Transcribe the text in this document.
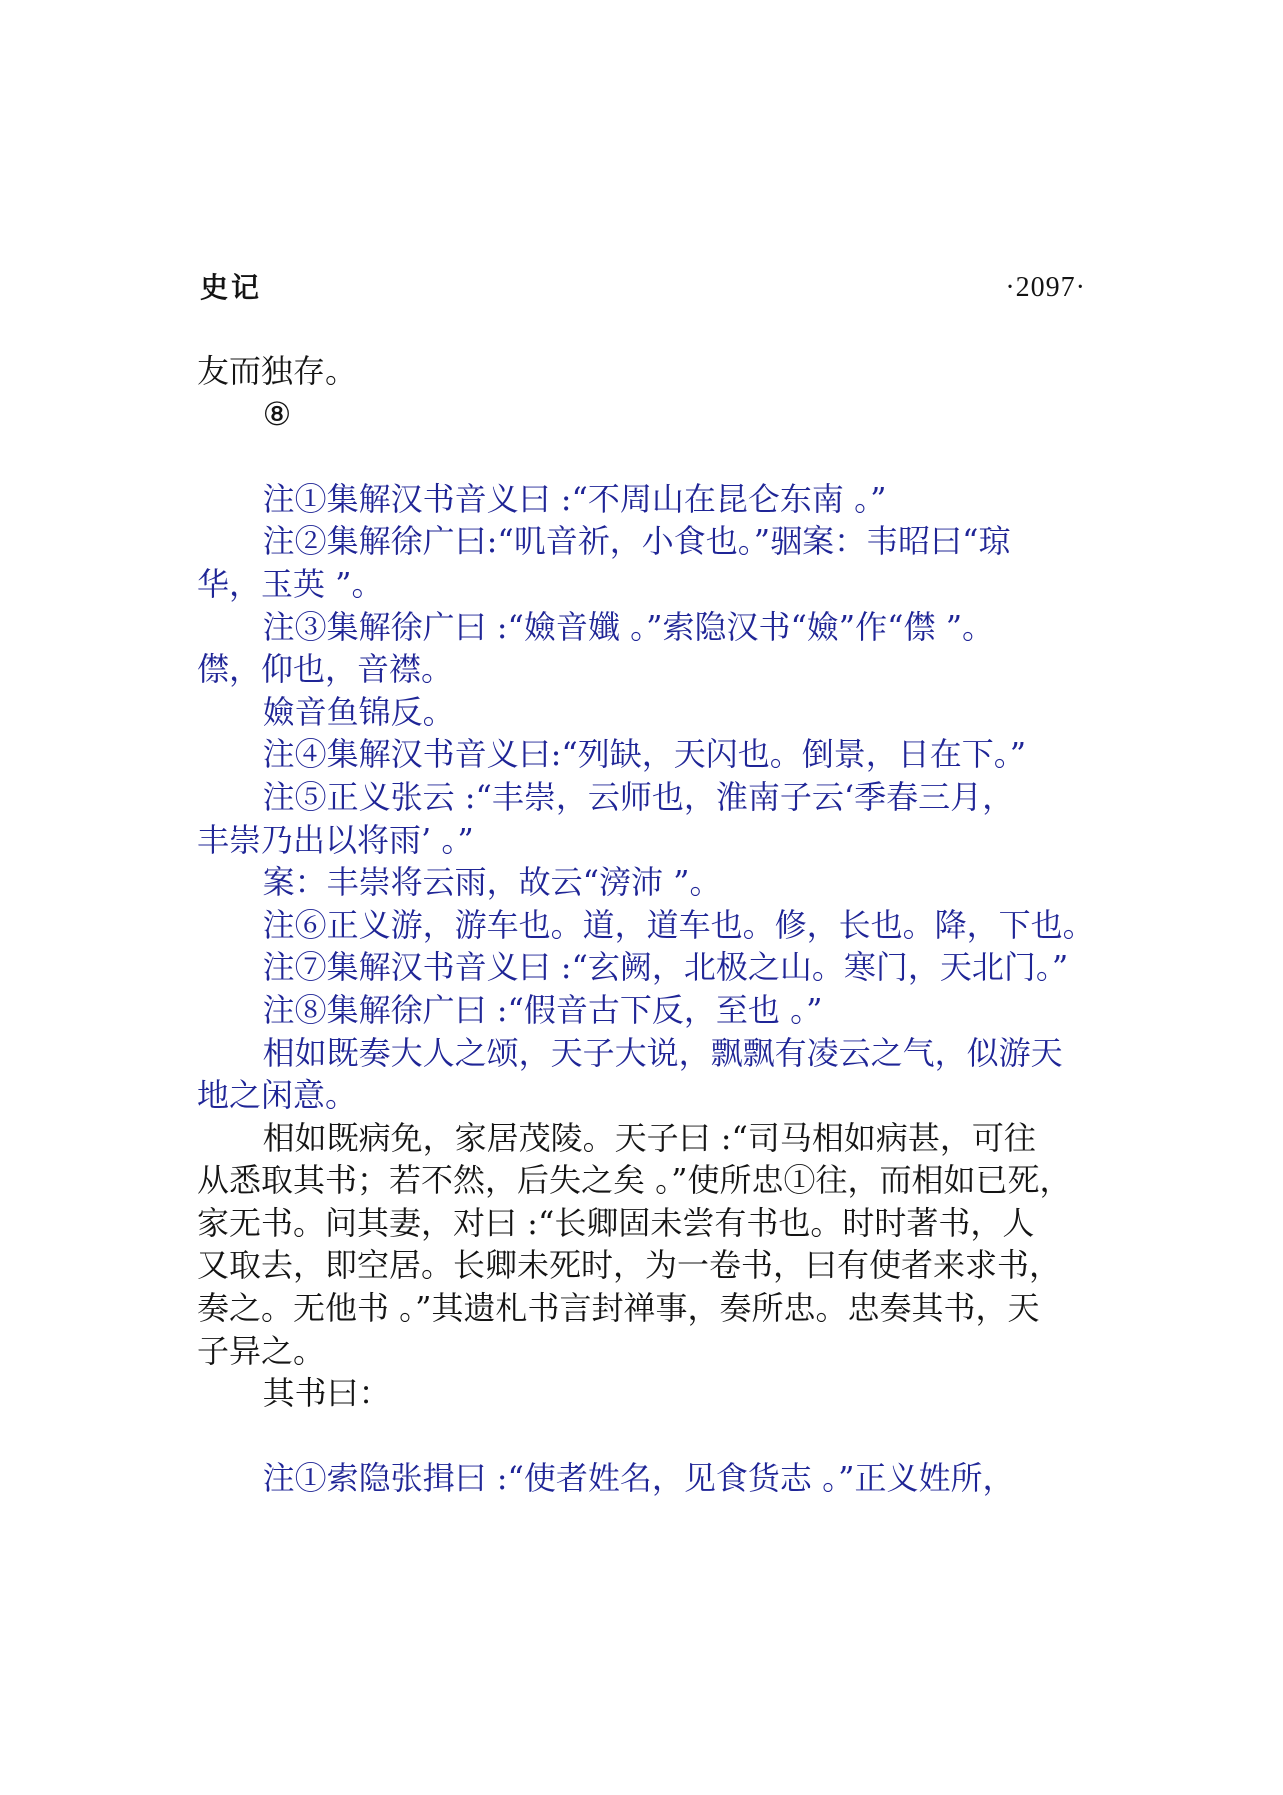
史记	·2097·
友而独存。
⑧
注①集解汉书音义曰 :“不周山在昆仑东南 。”
注②集解徐广曰:“叽音祈，小食也。”骃案：韦昭曰“琼
华，玉英 ”。
注③集解徐广曰 :“嬐音孅 。”索隐汉书“嬐”作“僸 ”。
僸，仰也，音襟。
嬐音鱼锦反。
注④集解汉书音义曰:“列缺，天闪也。倒景，日在下。”
注⑤正义张云 :“丰崇，云师也，淮南子云‘季春三月，
丰崇乃出以将雨’ 。”
案：丰崇将云雨，故云“滂沛 ”。
注⑥正义游，游车也。道，道车也。修，长也。降，下也。
注⑦集解汉书音义曰 :“玄阙，北极之山。寒门，天北门。”
注⑧集解徐广曰 :“假音古下反，至也 。”
相如既奏大人之颂，天子大说，飘飘有凌云之气，似游天
地之闲意。
相如既病免，家居茂陵。天子曰 :“司马相如病甚，可往
从悉取其书；若不然，后失之矣 。”使所忠①往，而相如已死，
家无书。问其妻，对曰 :“长卿固未尝有书也。时时著书，人
又取去，即空居。长卿未死时，为一卷书，曰有使者来求书，
奏之。无他书 。”其遗札书言封禅事，奏所忠。忠奏其书，天
子异之。
其书曰：
注①索隐张揖曰 :“使者姓名，见食货志 。”正义姓所，
